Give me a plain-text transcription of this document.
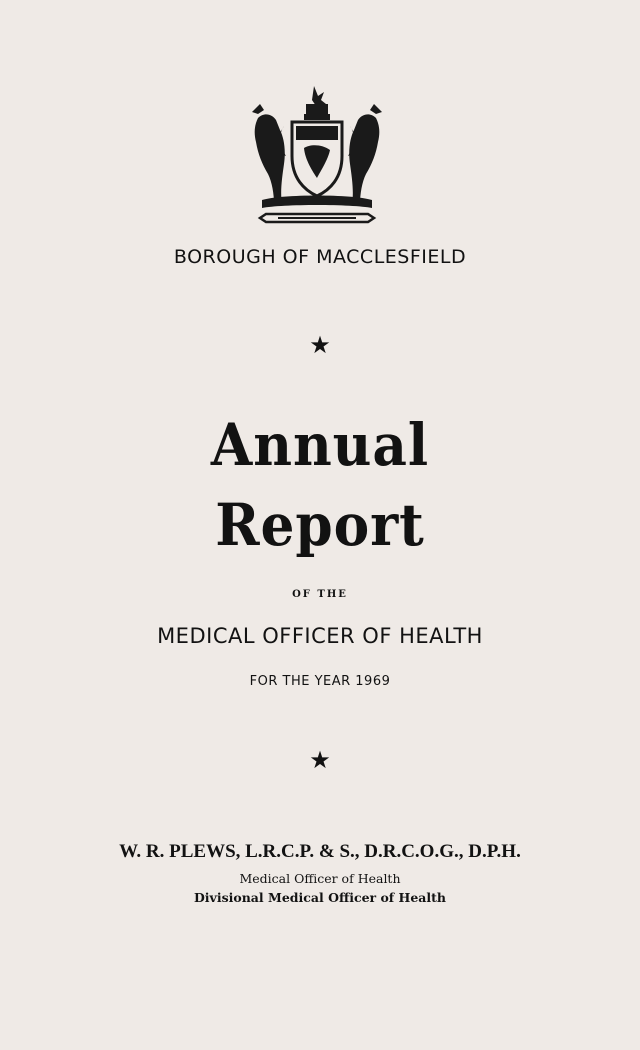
BOROUGH OF MACCLESFIELD
★
Annual
Report
OF THE
MEDICAL OFFICER OF HEALTH
FOR THE YEAR 1969
★
W. R. PLEWS, L.R.C.P. & S., D.R.C.O.G., D.P.H.
Medical Officer of Health
Divisional Medical Officer of Health
